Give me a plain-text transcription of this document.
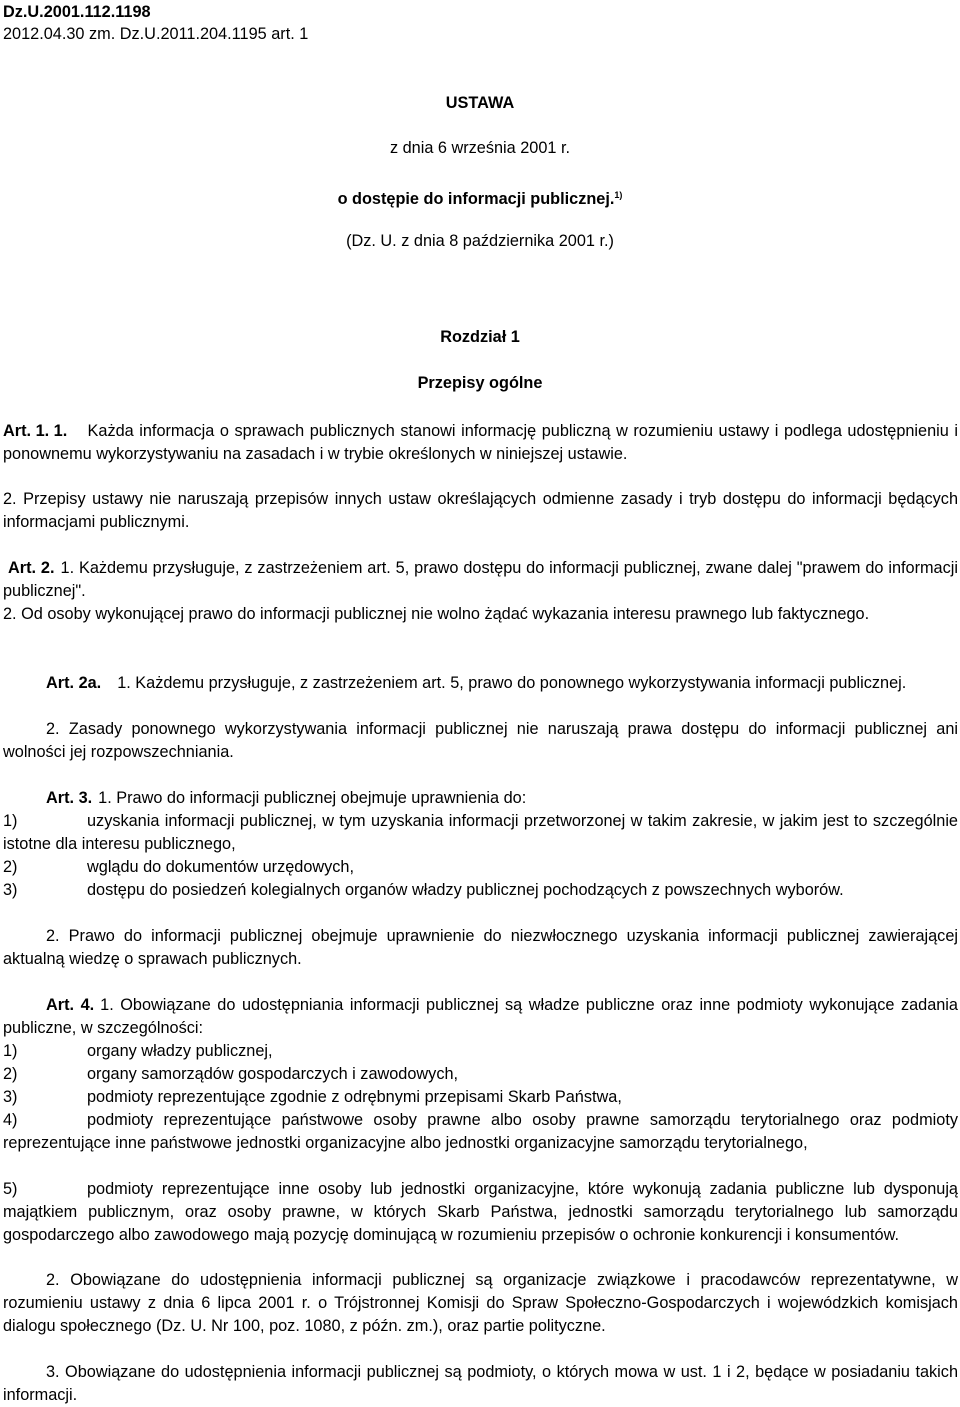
Dz.U.2001.112.1198
2012.04.30 zm. Dz.U.2011.204.1195 art. 1
USTAWA
z dnia 6 września 2001 r.
o dostępie do informacji publicznej.$^{1)}$
(Dz. U. z dnia 8 października 2001 r.)
Rozdział 1
Przepisy ogólne
Art. 1. 1. Każda informacja o sprawach publicznych stanowi informację publiczną w rozumieniu ustawy i podlega udostępnieniu i ponownemu wykorzystywaniu na zasadach i w trybie określonych w niniejszej ustawie.
2. Przepisy ustawy nie naruszają przepisów innych ustaw określających odmienne zasady i tryb dostępu do informacji będących informacjami publicznymi.
Art. 2. 1. Każdemu przysługuje, z zastrzeżeniem art. 5, prawo dostępu do informacji publicznej, zwane dalej "prawem do informacji publicznej".
2. Od osoby wykonującej prawo do informacji publicznej nie wolno żądać wykazania interesu prawnego lub faktycznego.
Art. 2a. 1. Każdemu przysługuje, z zastrzeżeniem art. 5, prawo do ponownego wykorzystywania informacji publicznej.
2. Zasady ponownego wykorzystywania informacji publicznej nie naruszają prawa dostępu do informacji publicznej ani wolności jej rozpowszechniania.
Art. 3. 1. Prawo do informacji publicznej obejmuje uprawnienia do:
1)	uzyskania informacji publicznej, w tym uzyskania informacji przetworzonej w takim zakresie, w jakim jest to szczególnie istotne dla interesu publicznego,
2)	wglądu do dokumentów urzędowych,
3)	dostępu do posiedzeń kolegialnych organów władzy publicznej pochodzących z powszechnych wyborów.
2. Prawo do informacji publicznej obejmuje uprawnienie do niezwłocznego uzyskania informacji publicznej zawierającej aktualną wiedzę o sprawach publicznych.
Art. 4. 1. Obowiązane do udostępniania informacji publicznej są władze publiczne oraz inne podmioty wykonujące zadania publiczne, w szczególności:
1)	organy władzy publicznej,
2)	organy samorządów gospodarczych i zawodowych,
3)	podmioty reprezentujące zgodnie z odrębnymi przepisami Skarb Państwa,
4)	podmioty reprezentujące państwowe osoby prawne albo osoby prawne samorządu terytorialnego oraz podmioty reprezentujące inne państwowe jednostki organizacyjne albo jednostki organizacyjne samorządu terytorialnego,
5)	podmioty reprezentujące inne osoby lub jednostki organizacyjne, które wykonują zadania publiczne lub dysponują majątkiem publicznym, oraz osoby prawne, w których Skarb Państwa, jednostki samorządu terytorialnego lub samorządu gospodarczego albo zawodowego mają pozycję dominującą w rozumieniu przepisów o ochronie konkurencji i konsumentów.
2. Obowiązane do udostępnienia informacji publicznej są organizacje związkowe i pracodawców reprezentatywne, w rozumieniu ustawy z dnia 6 lipca 2001 r. o Trójstronnej Komisji do Spraw Społeczno-Gospodarczych i wojewódzkich komisjach dialogu społecznego (Dz. U. Nr 100, poz. 1080, z późn. zm.), oraz partie polityczne.
3. Obowiązane do udostępnienia informacji publicznej są podmioty, o których mowa w ust. 1 i 2, będące w posiadaniu takich informacji.
